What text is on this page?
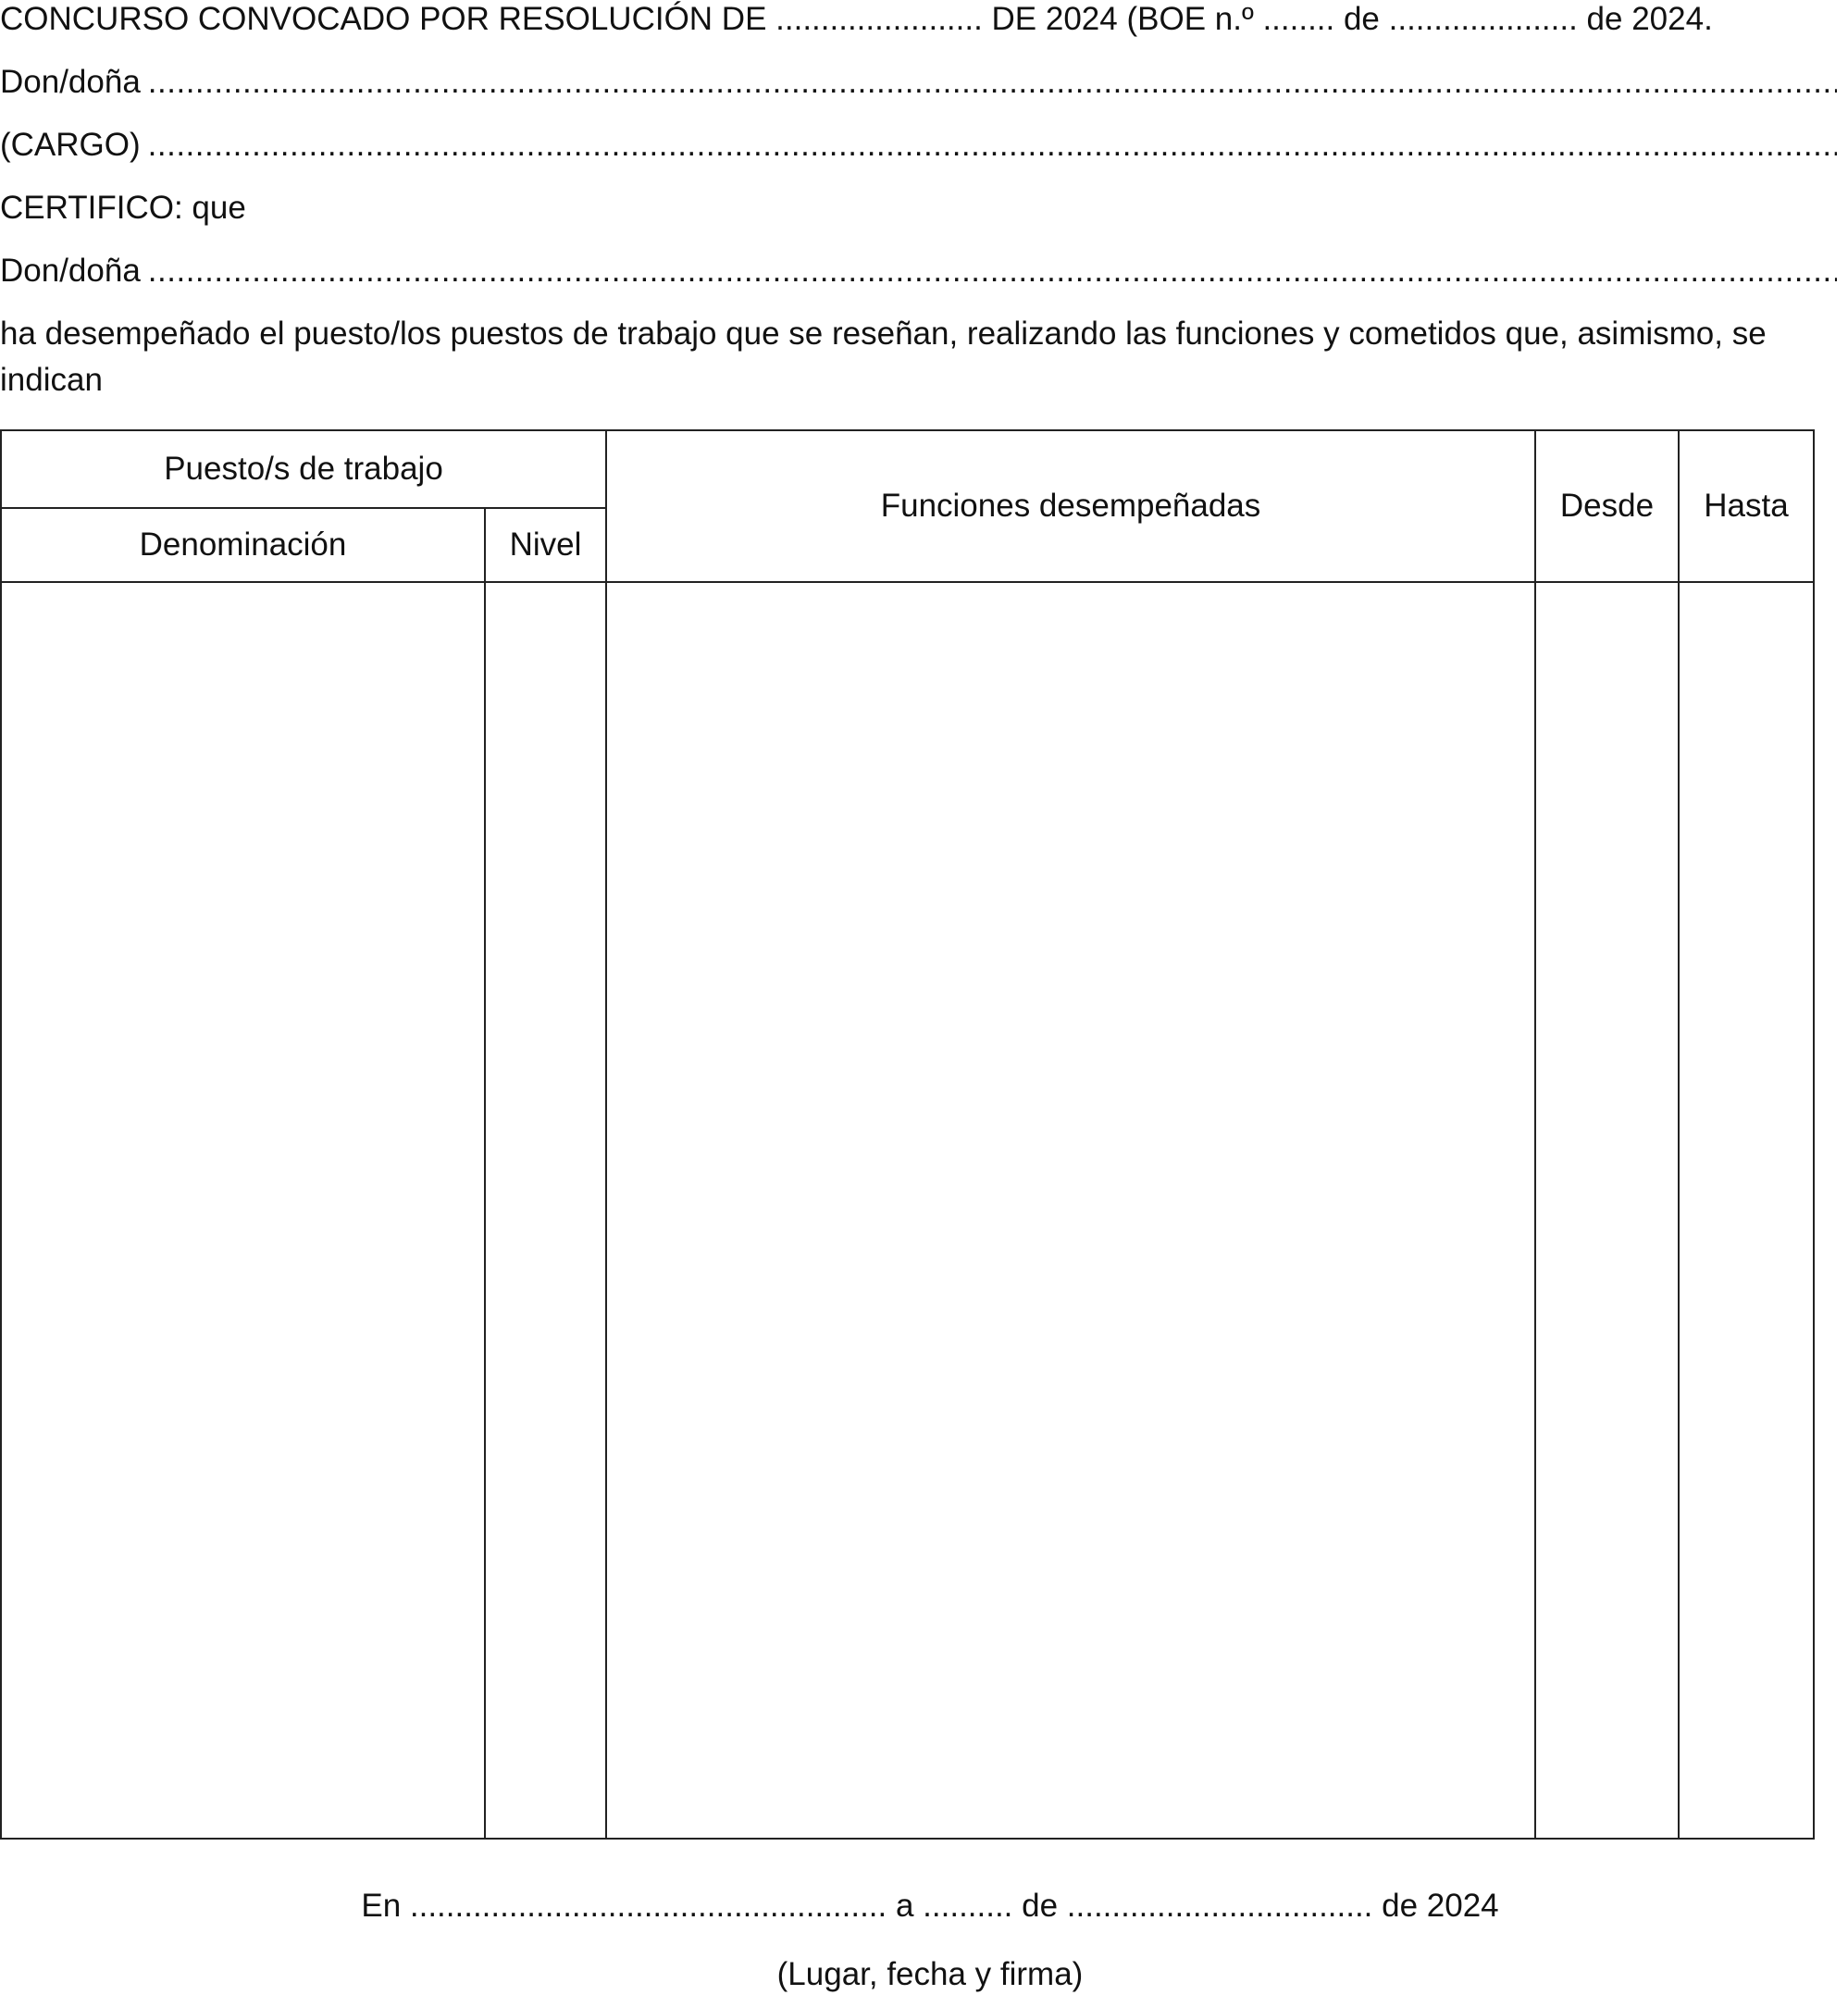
CONCURSO CONVOCADO POR RESOLUCIÓN DE ....................... DE 2024 (BOE n.º ........ de ..................... de 2024.
Don/doña
.....
(CARGO)
.....
CERTIFICO: que
Don/doña
.....
ha desempeñado el puesto/los puestos de trabajo que se reseñan, realizando las funciones y cometidos que, asimismo, se indican
Puesto/s de trabajo		Funciones desempeñadas	Desde	Hasta
Denominación	Nivel			

En ..................................................... a .......... de .................................. de 2024
(Lugar, fecha y firma)
